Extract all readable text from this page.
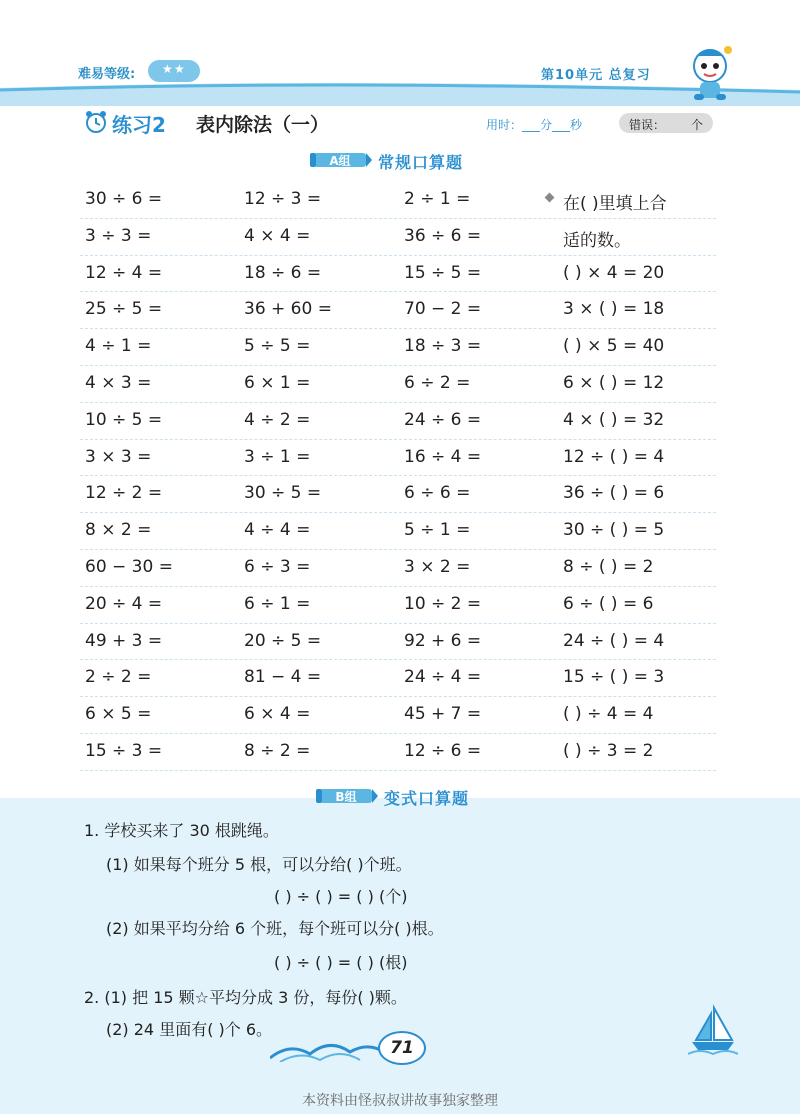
难易等级: ★ ★	第10单元 总复习
练习2 表内除法（一）	用时：___分___秒	错误： 个
A组 常规口算题
30 ÷ 6 =	12 ÷ 3 =	2 ÷ 1 =	在( )里填上合
3 ÷ 3 =	4 × 4 =	36 ÷ 6 =	适的数。
12 ÷ 4 =	18 ÷ 6 =	15 ÷ 5 =	( ) × 4 = 20
25 ÷ 5 =	36 + 60 =	70 − 2 =	3 × ( ) = 18
4 ÷ 1 =	5 ÷ 5 =	18 ÷ 3 =	( ) × 5 = 40
4 × 3 =	6 × 1 =	6 ÷ 2 =	6 × ( ) = 12
10 ÷ 5 =	4 ÷ 2 =	24 ÷ 6 =	4 × ( ) = 32
3 × 3 =	3 ÷ 1 =	16 ÷ 4 =	12 ÷ ( ) = 4
12 ÷ 2 =	30 ÷ 5 =	6 ÷ 6 =	36 ÷ ( ) = 6
8 × 2 =	4 ÷ 4 =	5 ÷ 1 =	30 ÷ ( ) = 5
60 − 30 =	6 ÷ 3 =	3 × 2 =	8 ÷ ( ) = 2
20 ÷ 4 =	6 ÷ 1 =	10 ÷ 2 =	6 ÷ ( ) = 6
49 + 3 =	20 ÷ 5 =	92 + 6 =	24 ÷ ( ) = 4
2 ÷ 2 =	81 − 4 =	24 ÷ 4 =	15 ÷ ( ) = 3
6 × 5 =	6 × 4 =	45 + 7 =	( ) ÷ 4 = 4
15 ÷ 3 =	8 ÷ 2 =	12 ÷ 6 =	( ) ÷ 3 = 2
B组 变式口算题
1. 学校买来了 30 根跳绳。
(1) 如果每个班分 5 根，可以分给( )个班。
( ) ÷ ( ) = ( ) (个)
(2) 如果平均分给 6 个班，每个班可以分( )根。
( ) ÷ ( ) = ( ) (根)
2. (1) 把 15 颗☆平均分成 3 份，每份( )颗。
(2) 24 里面有( )个 6。
71
本资料由怪叔叔讲故事独家整理
